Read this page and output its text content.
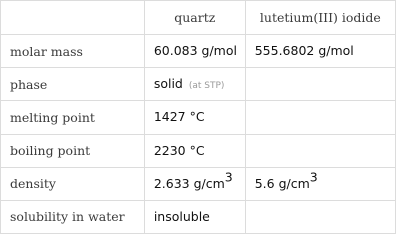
	quartz	lutetium(III) iodide
molar mass	60.083 g/mol	555.6802 g/mol
phase	solid (at STP)	
melting point	1427 °C	
boiling point	2230 °C	
density	2.633 $g/cm^3$	5.6 $g/cm^3$
solubility in water	insoluble	
